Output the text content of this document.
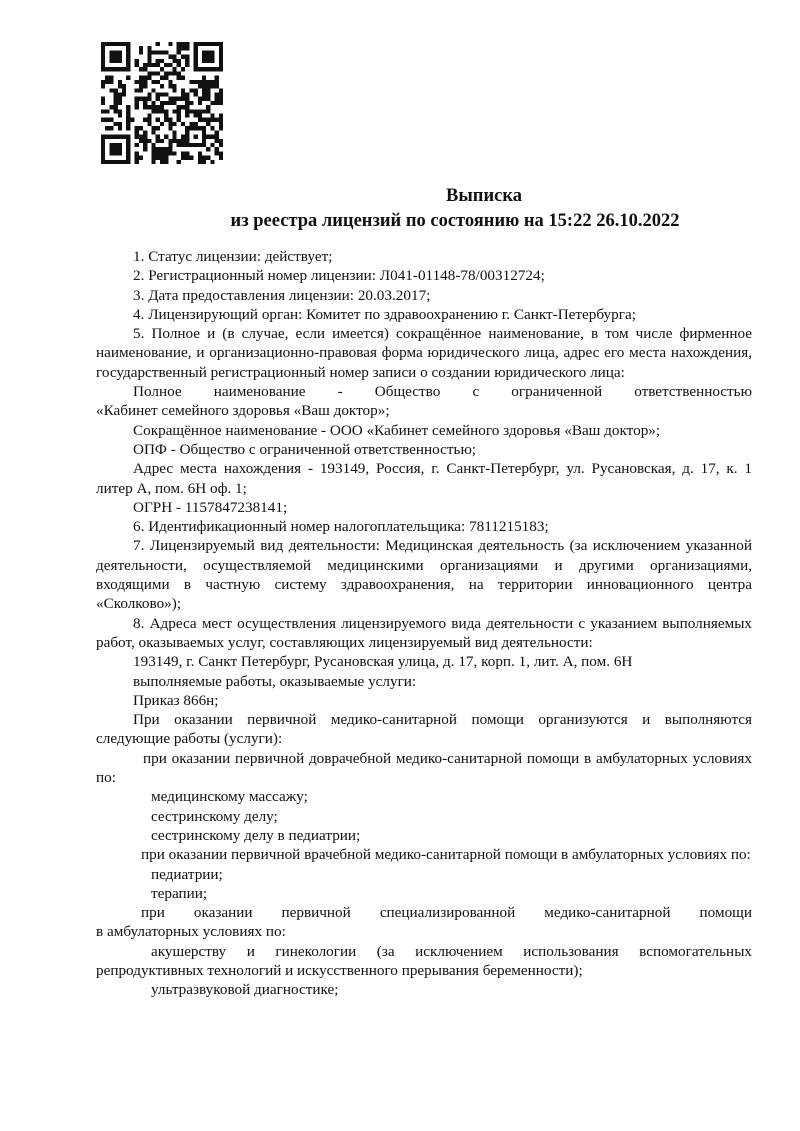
Выписка
из реестра лицензий по состоянию на 15:22 26.10.2022

1. Статус лицензии: действует;

2. Регистрационный номер лицензии: Л041-01148-78/00312724;

3. Дата предоставления лицензии: 20.03.2017;

4. Лицензирующий орган: Комитет по здравоохранению г. Санкт-Петербурга;

5. Полное и (в случае, если имеется) сокращённое наименование, в том числе фирменное наименование, и организационно-правовая форма юридического лица, адрес его места нахождения, государственный регистрационный номер записи о создании юридического лица:

Полное наименование - Общество с ограниченной ответственностью

«Кабинет семейного здоровья «Ваш доктор»;

Сокращённое наименование - ООО «Кабинет семейного здоровья «Ваш доктор»;

ОПФ - Общество с ограниченной ответственностью;

Адрес места нахождения - 193149, Россия, г. Санкт-Петербург, ул. Русановская, д. 17, к. 1 литер А, пом. 6Н оф. 1;

ОГРН - 1157847238141;

6. Идентификационный номер налогоплательщика: 7811215183;

7. Лицензируемый вид деятельности: Медицинская деятельность (за исключением указанной деятельности, осуществляемой медицинскими организациями и другими организациями, входящими в частную систему здравоохранения, на территории инновационного центра «Сколково»);

8. Адреса мест осуществления лицензируемого вида деятельности с указанием выполняемых работ, оказываемых услуг, составляющих лицензируемый вид деятельности:

193149, г. Санкт Петербург, Русановская улица, д. 17, корп. 1, лит. А, пом. 6Н

выполняемые работы, оказываемые услуги:

Приказ 866н;

При оказании первичной медико-санитарной помощи организуются и выполняются следующие работы (услуги):

при оказании первичной доврачебной медико-санитарной помощи в амбулаторных условиях по:

медицинскому массажу;

сестринскому делу;

сестринскому делу в педиатрии;

при оказании первичной врачебной медико-санитарной помощи в амбулаторных условиях по:

педиатрии;

терапии;

при оказании первичной специализированной медико-санитарной помощи

в амбулаторных условиях по:

акушерству и гинекологии (за исключением использования вспомогательных репродуктивных технологий и искусственного прерывания беременности);

ультразвуковой диагностике;
